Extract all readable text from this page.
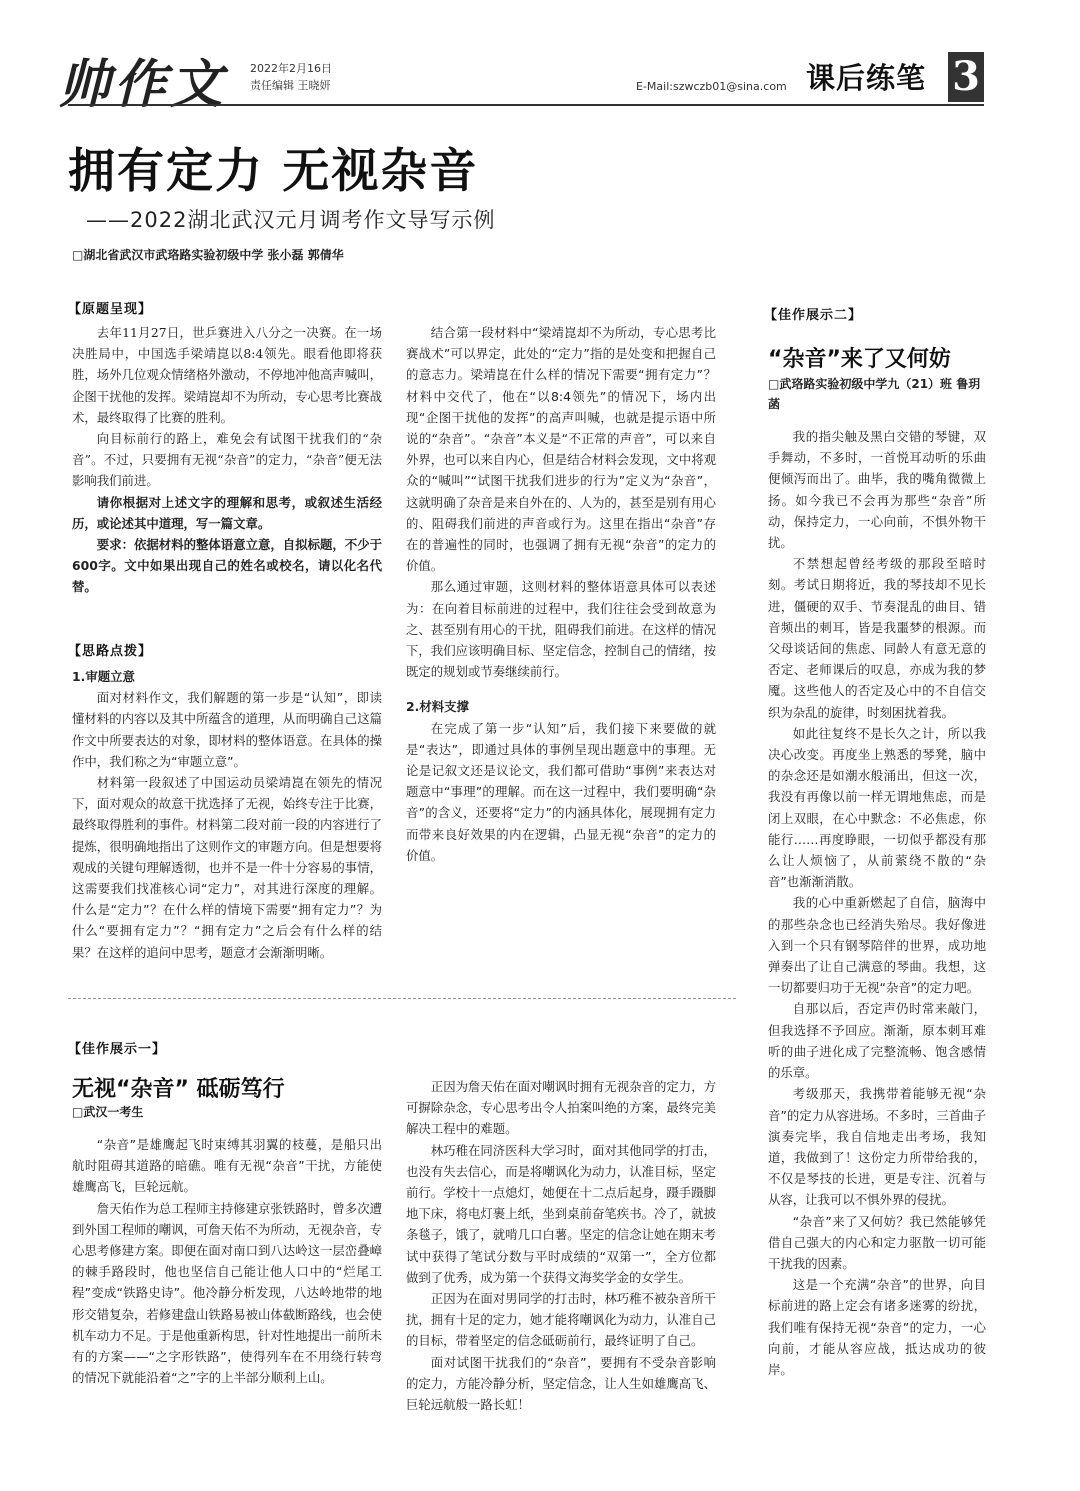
帅作文 2022年2月16日
责任编辑 王晓妍	E-Mail:szwczb01@sina.com 课后练笔 3
拥有定力 无视杂音
——2022湖北武汉元月调考作文导写示例
□湖北省武汉市武珞路实验初级中学 张小磊 郭倩华
【 原题呈现 】

去年11月27日，世乒赛进入八分之一决赛。在一场决胜局中，中国选手梁靖崑以8:4领先。眼看他即将获胜，场外几位观众情绪格外激动，不停地冲他高声喊叫，企图干扰他的发挥。梁靖崑却不为所动，专心思考比赛战术，最终取得了比赛的胜利。

向目标前行的路上，难免会有试图干扰我们的“杂音”。不过，只要拥有无视“杂音”的定力，“杂音”便无法影响我们前进。

请你根据对上述文字的理解和思考，或叙述生活经历，或论述其中道理，写一篇文章。

要求：依据材料的整体语意立意，自拟标题，不少于600字。文中如果出现自己的姓名或校名，请以化名代替。

【 思路点拨 】
1.审题立意

面对材料作文，我们解题的第一步是“认知”，即读懂材料的内容以及其中所蕴含的道理，从而明确自己这篇作文中所要表达的对象，即材料的整体语意。在具体的操作中，我们称之为“审题立意”。

材料第一段叙述了中国运动员梁靖崑在领先的情况下，面对观众的故意干扰选择了无视，始终专注于比赛，最终取得胜利的事件。材料第二段对前一段的内容进行了提炼，很明确地指出了这则作文的审题方向。但是想要将观成的关键句理解透彻，也并不是一件十分容易的事情，这需要我们找准核心词“定力”，对其进行深度的理解。什么是“定力”？在什么样的情境下需要“拥有定力”？为什么“要拥有定力”？“拥有定力”之后会有什么样的结果？在这样的追问中思考，题意才会渐渐明晰。

结合第一段材料中“梁靖崑却不为所动，专心思考比赛战术”可以界定，此处的“定力”指的是处变和把握自己的意志力。梁靖崑在什么样的情况下需要“拥有定力”？材料中交代了，他在“以8:4领先”的情况下，场内出现“企图干扰他的发挥”的高声叫喊，也就是提示语中所说的“杂音”。“杂音”本义是“不正常的声音”，可以来自外界，也可以来自内心，但是结合材料会发现，文中将观众的“喊叫”“试图干扰我们进步的行为”定义为“杂音”，这就明确了杂音是来自外在的、人为的，甚至是别有用心的、阻碍我们前进的声音或行为。这里在指出“杂音”存在的普遍性的同时，也强调了拥有无视“杂音”的定力的价值。

那么通过审题，这则材料的整体语意具体可以表述为：在向着目标前进的过程中，我们往往会受到故意为之、甚至别有用心的干扰，阻碍我们前进。在这样的情况下，我们应该明确目标、坚定信念，控制自己的情绪，按既定的规划或节奏继续前行。

2.材料支撑

在完成了第一步“认知”后，我们接下来要做的就是“表达”，即通过具体的事例呈现出题意中的事理。无论是记叙文还是议论文，我们都可借助“事例”来表达对题意中“事理”的理解。而在这一过程中，我们要明确“杂音”的含义，还要将“定力”的内涵具体化，展现拥有定力而带来良好效果的内在逻辑，凸显无视“杂音”的定力的价值。

【 佳作展示一 】
无视“杂音” 砥砺笃行
□武汉一考生

“杂音”是雄鹰起飞时束缚其羽翼的枝蔓，是船只出航时阻碍其道路的暗礁。唯有无视“杂音”干扰，方能使雄鹰高飞，巨轮远航。

詹天佑作为总工程师主持修建京张铁路时，曾多次遭到外国工程师的嘲讽，可詹天佑不为所动，无视杂音，专心思考修建方案。即便在面对南口到八达岭这一层峦叠嶂的棘手路段时，他也坚信自己能让他人口中的“烂尾工程”变成“铁路史诗”。他冷静分析发现，八达岭地带的地形交错复杂，若修建盘山铁路易被山体截断路线，也会使机车动力不足。于是他重新构思，针对性地提出一前所未有的方案——“之字形铁路”，使得列车在不用绕行转弯的情况下就能沿着“之”字的上半部分顺利上山。

正因为詹天佑在面对嘲讽时拥有无视杂音的定力，方可摒除杂念，专心思考出令人拍案叫绝的方案，最终完美解决工程中的难题。

林巧稚在同济医科大学习时，面对其他同学的打击，也没有失去信心，而是将嘲讽化为动力，认准目标，坚定前行。学校十一点熄灯，她便在十二点后起身，蹑手蹑脚地下床，将电灯裹上纸，坐到桌前奋笔疾书。冷了，就披条毯子，饿了，就啃几口白薯。坚定的信念让她在期末考试中获得了笔试分数与平时成绩的“双第一”，全方位都做到了优秀，成为第一个获得文海奖学金的女学生。

正因为在面对男同学的打击时，林巧稚不被杂音所干扰，拥有十足的定力，她才能将嘲讽化为动力，认准自己的目标，带着坚定的信念砥砺前行，最终证明了自己。

面对试图干扰我们的“杂音”，要拥有不受杂音影响的定力，方能冷静分析，坚定信念，让人生如雄鹰高飞、巨轮远航般一路长虹！

【 佳作展示二 】
“杂音”来了又何妨
□武珞路实验初级中学九（21）班 鲁玥菡

我的指尖触及黑白交错的琴键，双手舞动，不多时，一首悦耳动听的乐曲便倾泻而出了。曲毕，我的嘴角微微上扬。如今我已不会再为那些“杂音”所动，保持定力，一心向前，不惧外物干扰。

不禁想起曾经考级的那段至暗时刻。考试日期将近，我的琴技却不见长进，僵硬的双手、节奏混乱的曲目、错音频出的刺耳，皆是我噩梦的根源。而父母谈话间的焦虑、同龄人有意无意的否定、老师课后的叹息，亦成为我的梦魇。这些他人的否定及心中的不自信交织为杂乱的旋律，时刻困扰着我。

如此往复终不是长久之计，所以我决心改变。再度坐上熟悉的琴凳，脑中的杂念还是如潮水般涌出，但这一次，我没有再像以前一样无谓地焦虑，而是闭上双眼，在心中默念：不必焦虑，你能行……再度睁眼，一切似乎都没有那么让人烦恼了，从前萦绕不散的“杂音”也渐渐消散。

我的心中重新燃起了自信，脑海中的那些杂念也已经消失殆尽。我好像进入到一个只有钢琴陪伴的世界，成功地弹奏出了让自己满意的琴曲。我想，这一切都要归功于无视“杂音”的定力吧。

自那以后，否定声仍时常来敲门，但我选择不予回应。渐渐，原本刺耳难听的曲子进化成了完整流畅、饱含感情的乐章。

考级那天，我携带着能够无视“杂音”的定力从容进场。不多时，三首曲子演奏完毕，我自信地走出考场，我知道，我做到了！这份定力所带给我的，不仅是琴技的长进，更是专注、沉着与从容，让我可以不惧外界的侵扰。

“杂音”来了又何妨？我已然能够凭借自己强大的内心和定力驱散一切可能干扰我的因素。

这是一个充满“杂音”的世界，向目标前进的路上定会有诸多迷雾的纷扰，我们唯有保持无视“杂音”的定力，一心向前，才能从容应战，抵达成功的彼岸。
